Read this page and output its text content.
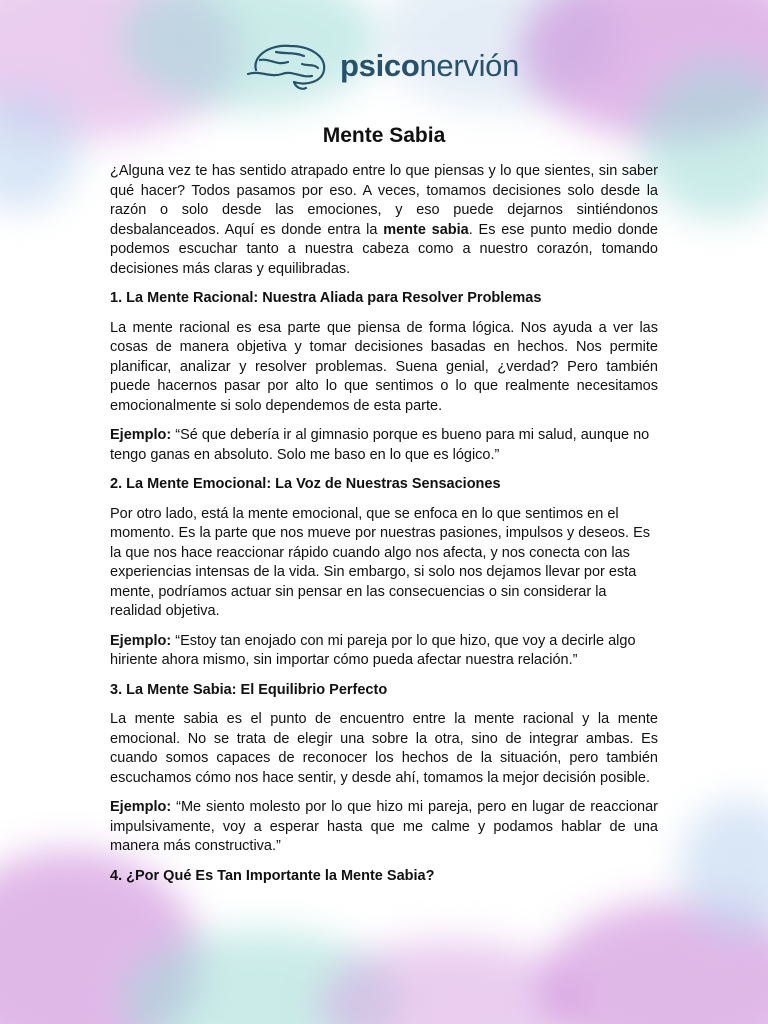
psiconervión
Mente Sabia

¿Alguna vez te has sentido atrapado entre lo que piensas y lo que sientes, sin saber qué hacer? Todos pasamos por eso. A veces, tomamos decisiones solo desde la razón o solo desde las emociones, y eso puede dejarnos sintiéndonos desbalanceados. Aquí es donde entra la mente sabia. Es ese punto medio donde podemos escuchar tanto a nuestra cabeza como a nuestro corazón, tomando decisiones más claras y equilibradas.

1. La Mente Racional: Nuestra Aliada para Resolver Problemas

La mente racional es esa parte que piensa de forma lógica. Nos ayuda a ver las cosas de manera objetiva y tomar decisiones basadas en hechos. Nos permite planificar, analizar y resolver problemas. Suena genial, ¿verdad? Pero también puede hacernos pasar por alto lo que sentimos o lo que realmente necesitamos emocionalmente si solo dependemos de esta parte.

Ejemplo: “Sé que debería ir al gimnasio porque es bueno para mi salud, aunque no tengo ganas en absoluto. Solo me baso en lo que es lógico.”

2. La Mente Emocional: La Voz de Nuestras Sensaciones

Por otro lado, está la mente emocional, que se enfoca en lo que sentimos en el momento. Es la parte que nos mueve por nuestras pasiones, impulsos y deseos. Es la que nos hace reaccionar rápido cuando algo nos afecta, y nos conecta con las experiencias intensas de la vida. Sin embargo, si solo nos dejamos llevar por esta mente, podríamos actuar sin pensar en las consecuencias o sin considerar la realidad objetiva.

Ejemplo: “Estoy tan enojado con mi pareja por lo que hizo, que voy a decirle algo hiriente ahora mismo, sin importar cómo pueda afectar nuestra relación.”

3. La Mente Sabia: El Equilibrio Perfecto

La mente sabia es el punto de encuentro entre la mente racional y la mente emocional. No se trata de elegir una sobre la otra, sino de integrar ambas. Es cuando somos capaces de reconocer los hechos de la situación, pero también escuchamos cómo nos hace sentir, y desde ahí, tomamos la mejor decisión posible.

Ejemplo: “Me siento molesto por lo que hizo mi pareja, pero en lugar de reaccionar impulsivamente, voy a esperar hasta que me calme y podamos hablar de una manera más constructiva.”

4. ¿Por Qué Es Tan Importante la Mente Sabia?
